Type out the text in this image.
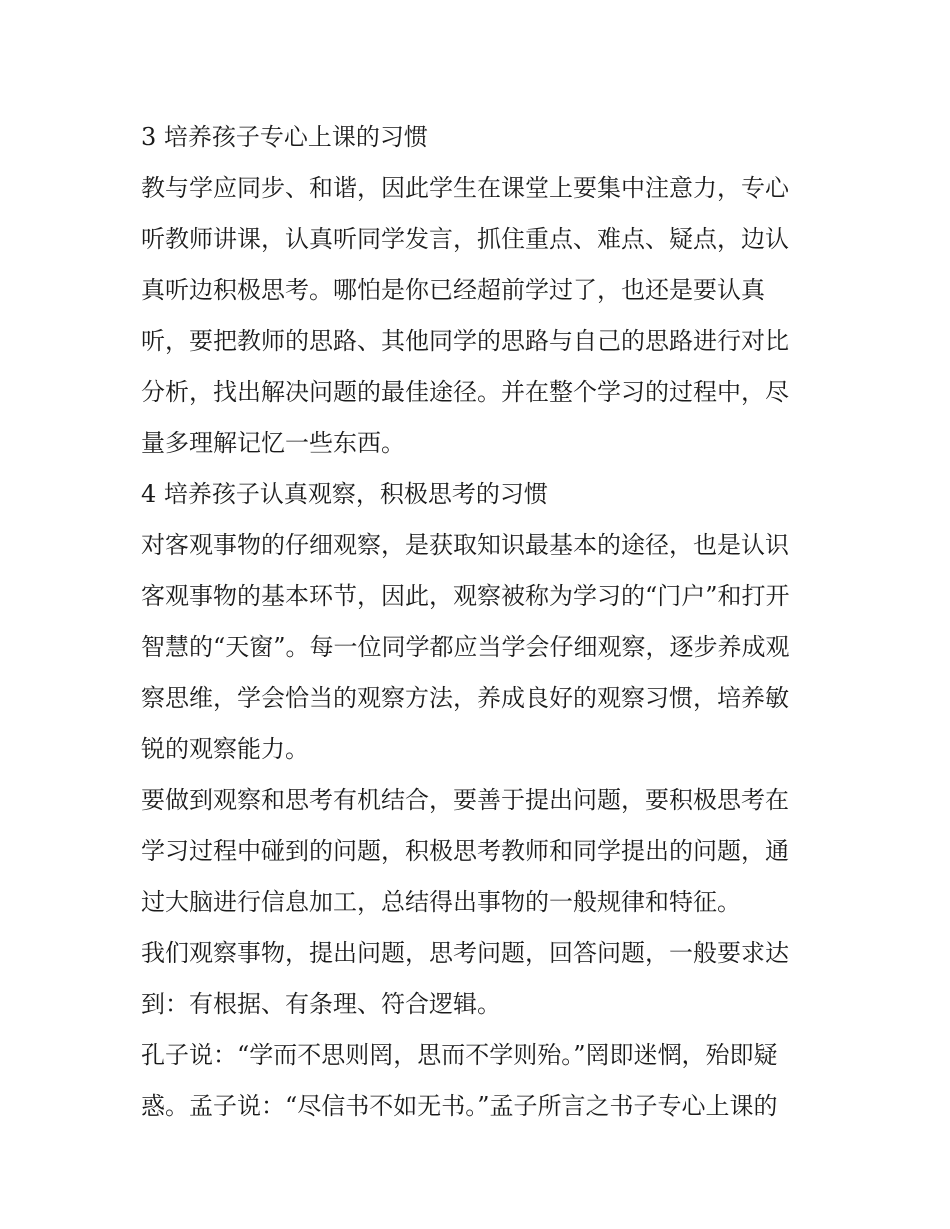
3 培养孩子专心上课的习惯
教与学应同步、和谐，因此学生在课堂上要集中注意力，专心
听教师讲课，认真听同学发言，抓住重点、难点、疑点，边认
真听边积极思考。哪怕是你已经超前学过了，也还是要认真
听，要把教师的思路、其他同学的思路与自己的思路进行对比
分析，找出解决问题的最佳途径。并在整个学习的过程中，尽
量多理解记忆一些东西。
4 培养孩子认真观察，积极思考的习惯
对客观事物的仔细观察，是获取知识最基本的途径，也是认识
客观事物的基本环节，因此，观察被称为学习的“门户”和打开
智慧的“天窗”。每一位同学都应当学会仔细观察，逐步养成观
察思维，学会恰当的观察方法，养成良好的观察习惯，培养敏
锐的观察能力。
要做到观察和思考有机结合，要善于提出问题，要积极思考在
学习过程中碰到的问题，积极思考教师和同学提出的问题，通
过大脑进行信息加工，总结得出事物的一般规律和特征。
我们观察事物，提出问题，思考问题，回答问题，一般要求达
到：有根据、有条理、符合逻辑。
孔子说：“学而不思则罔，思而不学则殆。”罔即迷惘，殆即疑
惑。孟子说：“尽信书不如无书。”孟子所言之书子专心上课的
